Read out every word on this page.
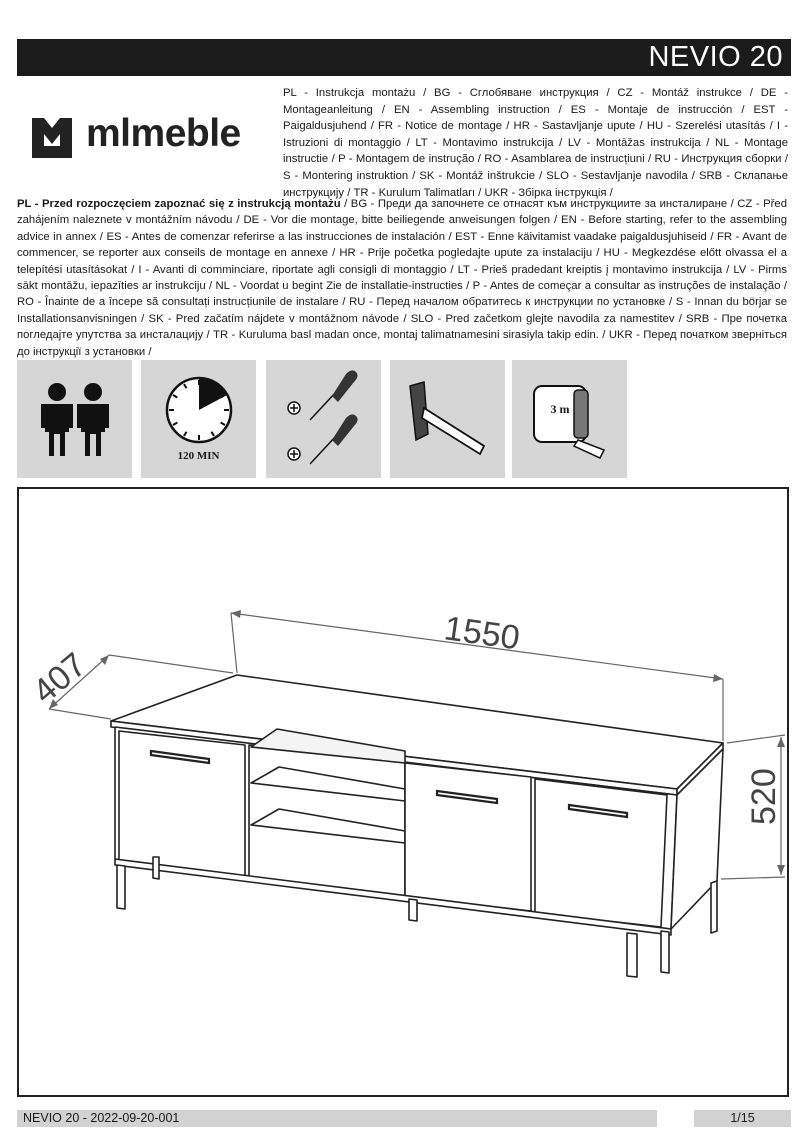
NEVIO 20
mlmeble
PL - Instrukcja montażu / BG - Сглобяване инструкция / CZ - Montáž instrukce / DE - Montageanleitung / EN - Assembling instruction / ES - Montaje de instrucción / EST - Paigaldusjuhend / FR - Notice de montage / HR - Sastavljanje upute / HU - Szerelési utasítás / I - Istruzioni di montaggio / LT - Montavimo instrukcija / LV - Montāžas instrukcija / NL - Montage instructie / P - Montagem de instrução / RO - Asamblarea de instrucțiuni / RU - Инструкция сборки / S - Montering instruktion / SK - Montáž inštrukcie / SLO - Sestavljanje navodila / SRB - Склапање инструкцију / TR - Kurulum Talimatları / UKR - Збірка інструкція /
PL - Przed rozpoczęciem zapoznać się z instrukcją montażu / BG - Преди да започнете се отнасят към инструкциите за инсталиране / CZ - Před zahájením naleznete v montážním návodu / DE - Vor die montage, bitte beiliegende anweisungen folgen / EN - Before starting, refer to the assembling advice in annex / ES - Antes de comenzar referirse a las instrucciones de instalación / EST - Enne käivitamist vaadake paigaldusjuhiseid / FR - Avant de commencer, se reporter aux conseils de montage en annexe / HR - Prije početka pogledajte upute za instalaciju / HU - Megkezdése előtt olvassa el a telepítési utasításokat / I - Avanti di comminciare, riportate agli consigli di montaggio / LT - Prieš pradedant kreiptis į montavimo instrukcija / LV - Pirms sākt montāžu, iepazīties ar instrukciju / NL - Voordat u begint Zie de installatie-instructies / P - Antes de começar a consultar as instruções de instalação / RO - Înainte de a începe să consultați instrucțiunile de instalare / RU - Перед началом обратитесь к инструкции по установке / S - Innan du börjar se Installationsanvisningen / SK - Pred začatím nájdete v montážnom návode / SLO - Pred začetkom glejte navodila za namestitev / SRB - Пре почетка погледајте упутства за инсталацију / TR - Kuruluma basl madan once, montaj talimatnamesini sirasiyla takip edin. / UKR - Перед початком зверніться до інструкції з установки /
120 MIN
3 m
1550
407
520
NEVIO 20 - 2022-09-20-001	1/15
